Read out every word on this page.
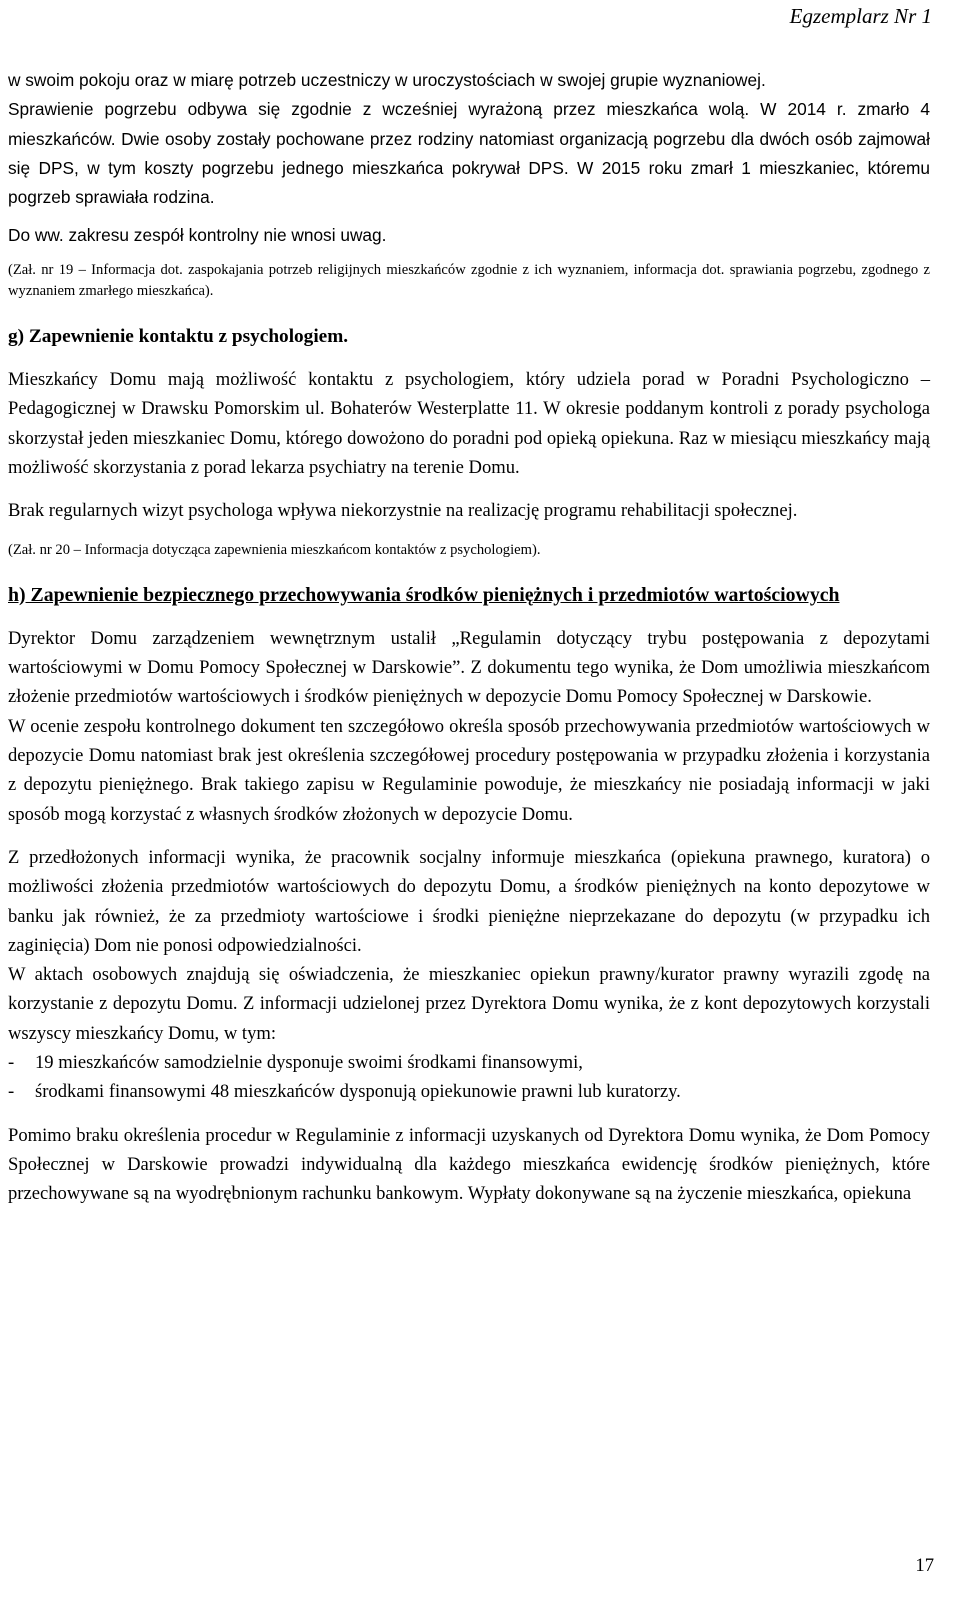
Egzemplarz Nr 1

w swoim pokoju oraz w miarę potrzeb uczestniczy w uroczystościach w swojej grupie wyznaniowej.

Sprawienie pogrzebu odbywa się zgodnie z wcześniej wyrażoną przez mieszkańca wolą. W 2014 r. zmarło 4 mieszkańców. Dwie osoby zostały pochowane przez rodziny natomiast organizacją pogrzebu dla dwóch osób zajmował się DPS, w tym koszty pogrzebu jednego mieszkańca pokrywał DPS. W 2015 roku zmarł 1 mieszkaniec, któremu pogrzeb sprawiała rodzina.

Do ww. zakresu zespół kontrolny nie wnosi uwag.

(Zał. nr 19 – Informacja dot. zaspokajania potrzeb religijnych mieszkańców zgodnie z ich wyznaniem, informacja dot. sprawiania pogrzebu, zgodnego z wyznaniem zmarłego mieszkańca).

g) Zapewnienie kontaktu z psychologiem.

Mieszkańcy Domu mają możliwość kontaktu z psychologiem, który udziela porad w Poradni Psychologiczno – Pedagogicznej w Drawsku Pomorskim ul. Bohaterów Westerplatte 11. W okresie poddanym kontroli z porady psychologa skorzystał jeden mieszkaniec Domu, którego dowożono do poradni pod opieką opiekuna. Raz w miesiącu mieszkańcy mają możliwość skorzystania z porad lekarza psychiatry na terenie Domu.

Brak regularnych wizyt psychologa wpływa niekorzystnie na realizację programu rehabilitacji społecznej.

(Zał. nr 20 – Informacja dotycząca zapewnienia mieszkańcom kontaktów z psychologiem).

h) Zapewnienie bezpiecznego przechowywania środków pieniężnych i przedmiotów wartościowych

Dyrektor Domu zarządzeniem wewnętrznym ustalił „Regulamin dotyczący trybu postępowania z depozytami wartościowymi w Domu Pomocy Społecznej w Darskowie”. Z dokumentu tego wynika, że Dom umożliwia mieszkańcom złożenie przedmiotów wartościowych i środków pieniężnych w depozycie Domu Pomocy Społecznej w Darskowie.

W ocenie zespołu kontrolnego dokument ten szczegółowo określa sposób przechowywania przedmiotów wartościowych w depozycie Domu natomiast brak jest określenia szczegółowej procedury postępowania w przypadku złożenia i korzystania z depozytu pieniężnego. Brak takiego zapisu w Regulaminie powoduje, że mieszkańcy nie posiadają informacji w jaki sposób mogą korzystać z własnych środków złożonych w depozycie Domu.

Z przedłożonych informacji wynika, że pracownik socjalny informuje mieszkańca (opiekuna prawnego, kuratora) o możliwości złożenia przedmiotów wartościowych do depozytu Domu, a środków pieniężnych na konto depozytowe w banku jak również, że za przedmioty wartościowe i środki pieniężne nieprzekazane do depozytu (w przypadku ich zaginięcia) Dom nie ponosi odpowiedzialności.

W aktach osobowych znajdują się oświadczenia, że mieszkaniec opiekun prawny/kurator prawny wyrazili zgodę na korzystanie z depozytu Domu. Z informacji udzielonej przez Dyrektora Domu wynika, że z kont depozytowych korzystali wszyscy mieszkańcy Domu, w tym:

-	19 mieszkańców samodzielnie dysponuje swoimi środkami finansowymi,
-	środkami finansowymi 48 mieszkańców dysponują opiekunowie prawni lub kuratorzy.

Pomimo braku określenia procedur w Regulaminie z informacji uzyskanych od Dyrektora Domu wynika, że Dom Pomocy Społecznej w Darskowie prowadzi indywidualną dla każdego mieszkańca ewidencję środków pieniężnych, które przechowywane są na wyodrębnionym rachunku bankowym. Wypłaty dokonywane są na życzenie mieszkańca, opiekuna

17
